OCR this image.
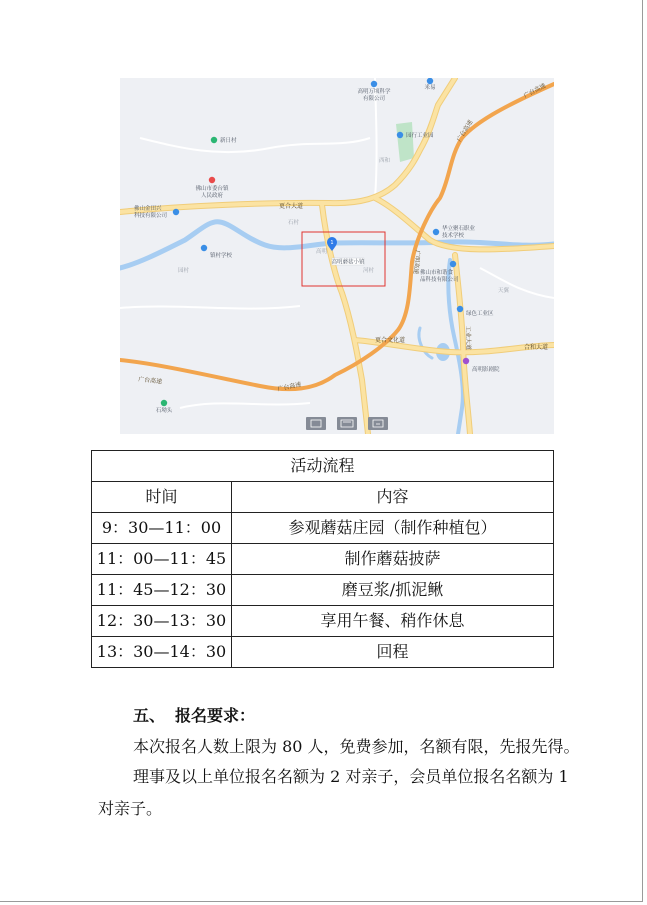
1
高明万顷科学
有限公司
米易
园行工业园
西和
新日村
佛山市委台镇
人民政府
佛山金田兴
科技有限公司
石村
镇村学校
园村
华立聚石职业
技术学校
高明
高明蘑菇小镇
河村	佛山市和谐食
品科技有限公司
绿色工业区
天翼
高明影剧院
石坳头
广台高速
广台高速
更合大道
广明高速
工业大道	合和大道
更合文化道
广台高速
广台高速
活动流程	
时间	内容
9：30—11：00	参观蘑菇庄园（制作种植包）
11：00—11：45	制作蘑菇披萨
11：45—12：30	磨豆浆/抓泥鳅
12：30—13：30	享用午餐、稍作休息
13：30—14：30	回程
五、 报名要求：
本次报名人数上限为 80 人，免费参加，名额有限，先报先得。
理事及以上单位报名名额为 2 对亲子，会员单位报名名额为 1
对亲子。
